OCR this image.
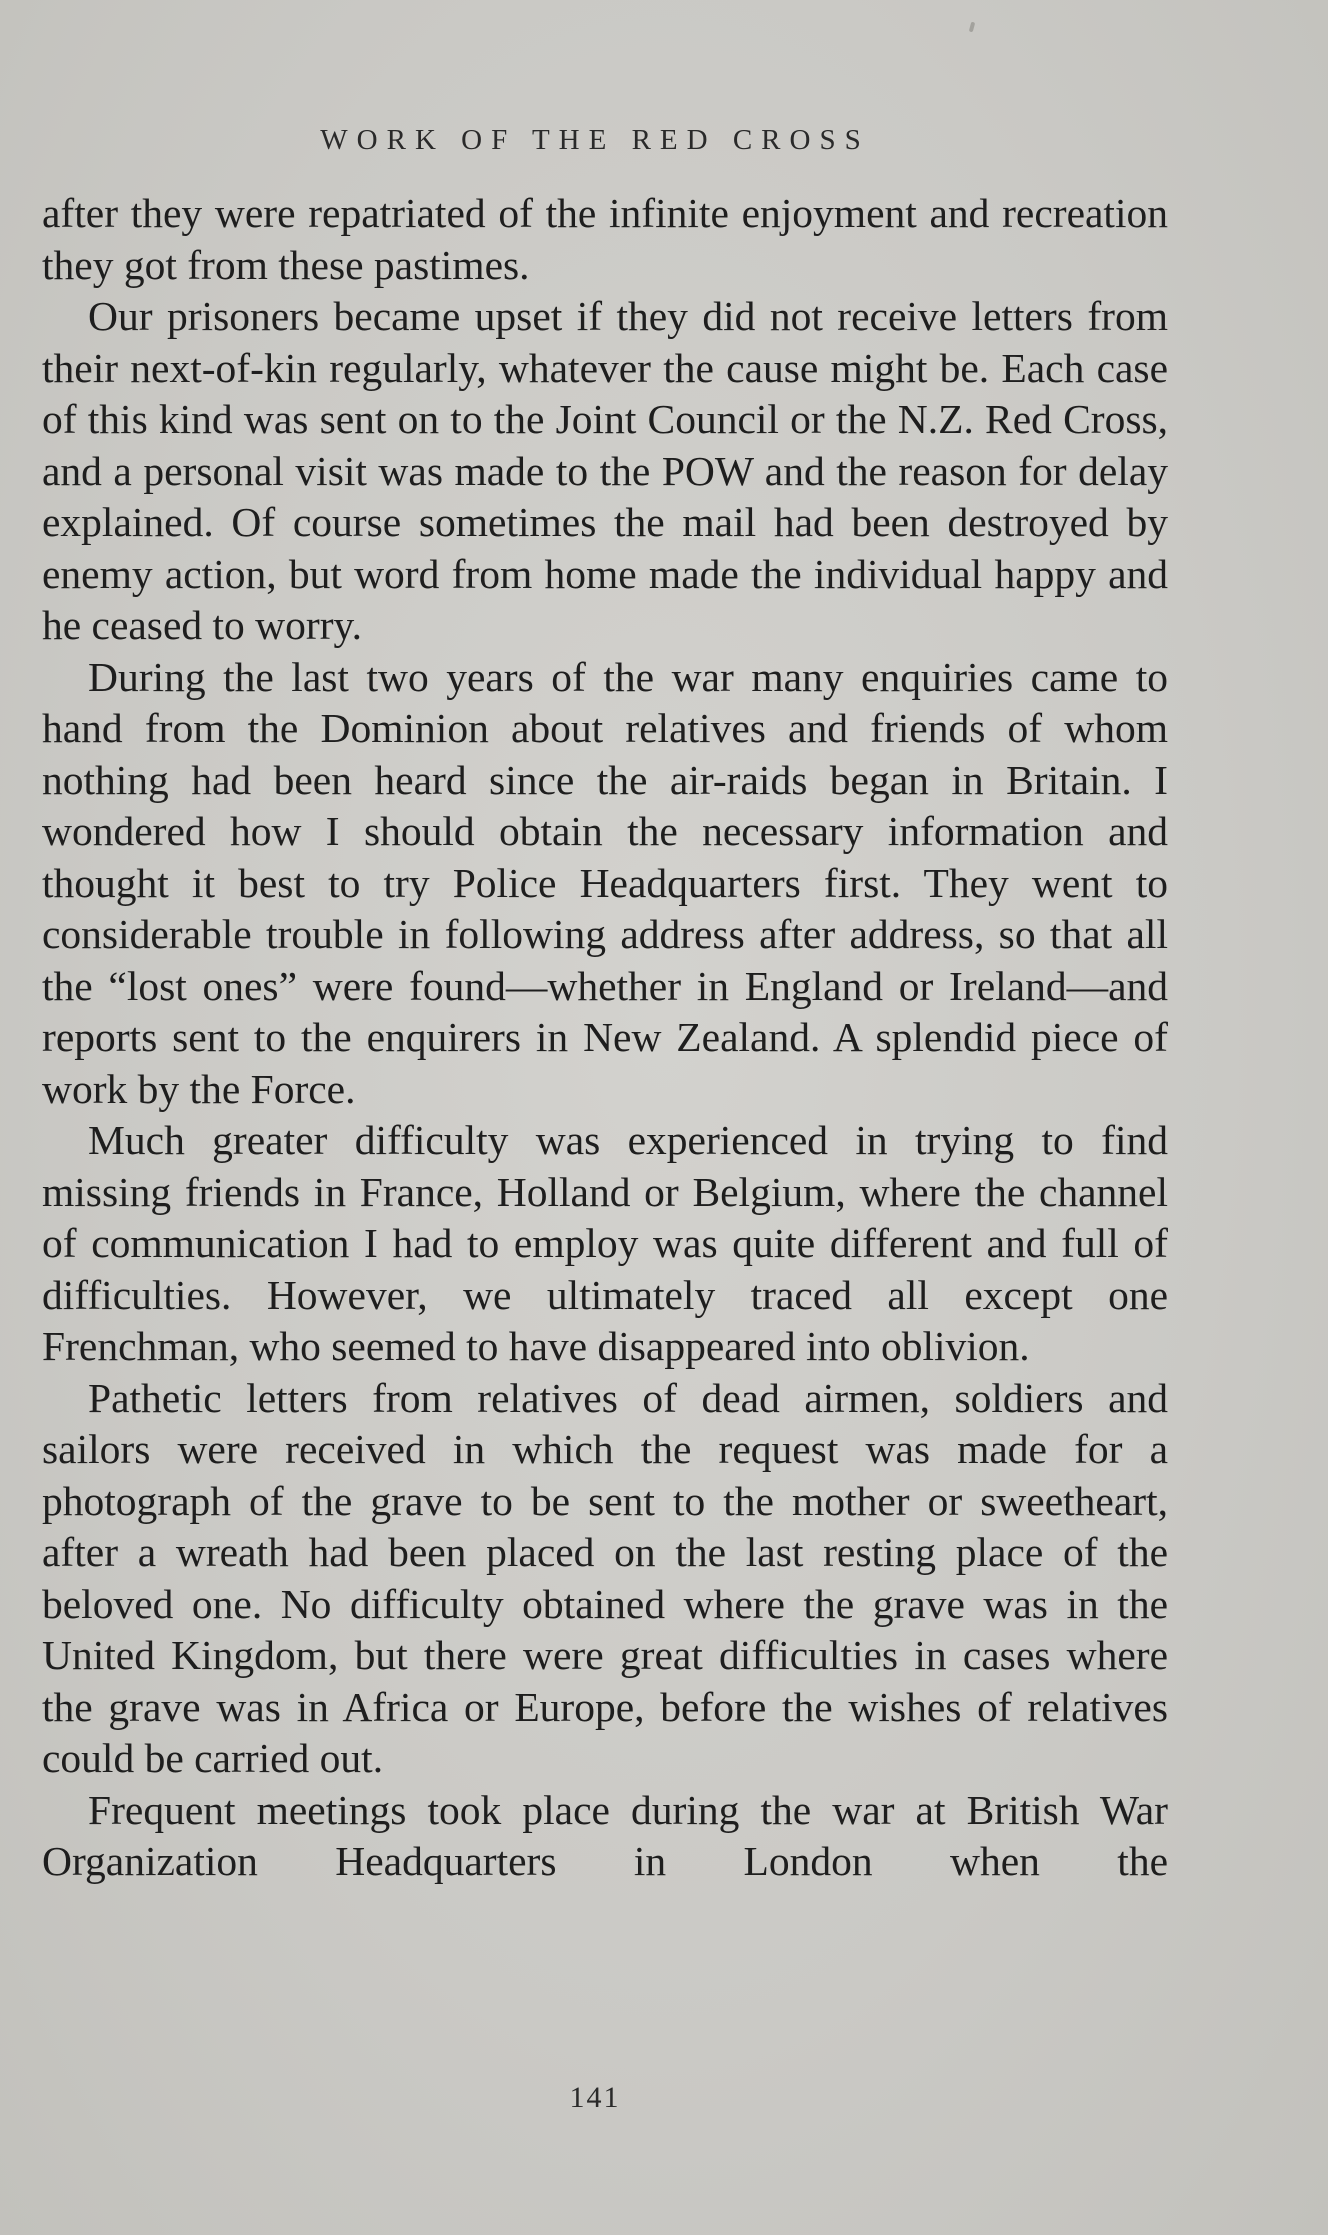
WORK OF THE RED CROSS

after they were repatriated of the infinite enjoyment and recreation they got from these pastimes.

Our prisoners became upset if they did not receive letters from their next-of-kin regularly, whatever the cause might be. Each case of this kind was sent on to the Joint Council or the N.Z. Red Cross, and a personal visit was made to the POW and the reason for delay explained. Of course sometimes the mail had been destroyed by enemy action, but word from home made the individual happy and he ceased to worry.

During the last two years of the war many enquiries came to hand from the Dominion about relatives and friends of whom nothing had been heard since the air-raids began in Britain. I wondered how I should obtain the necessary information and thought it best to try Police Headquarters first. They went to considerable trouble in following address after address, so that all the “lost ones” were found—whether in England or Ireland—and reports sent to the enquirers in New Zealand. A splendid piece of work by the Force.

Much greater difficulty was experienced in trying to find missing friends in France, Holland or Belgium, where the channel of communication I had to employ was quite different and full of difficulties. However, we ultimately traced all except one Frenchman, who seemed to have disappeared into oblivion.

Pathetic letters from relatives of dead airmen, soldiers and sailors were received in which the request was made for a photograph of the grave to be sent to the mother or sweetheart, after a wreath had been placed on the last resting place of the beloved one. No difficulty obtained where the grave was in the United Kingdom, but there were great difficulties in cases where the grave was in Africa or Europe, before the wishes of relatives could be carried out.

Frequent meetings took place during the war at British War Organization Headquarters in London when the

141
